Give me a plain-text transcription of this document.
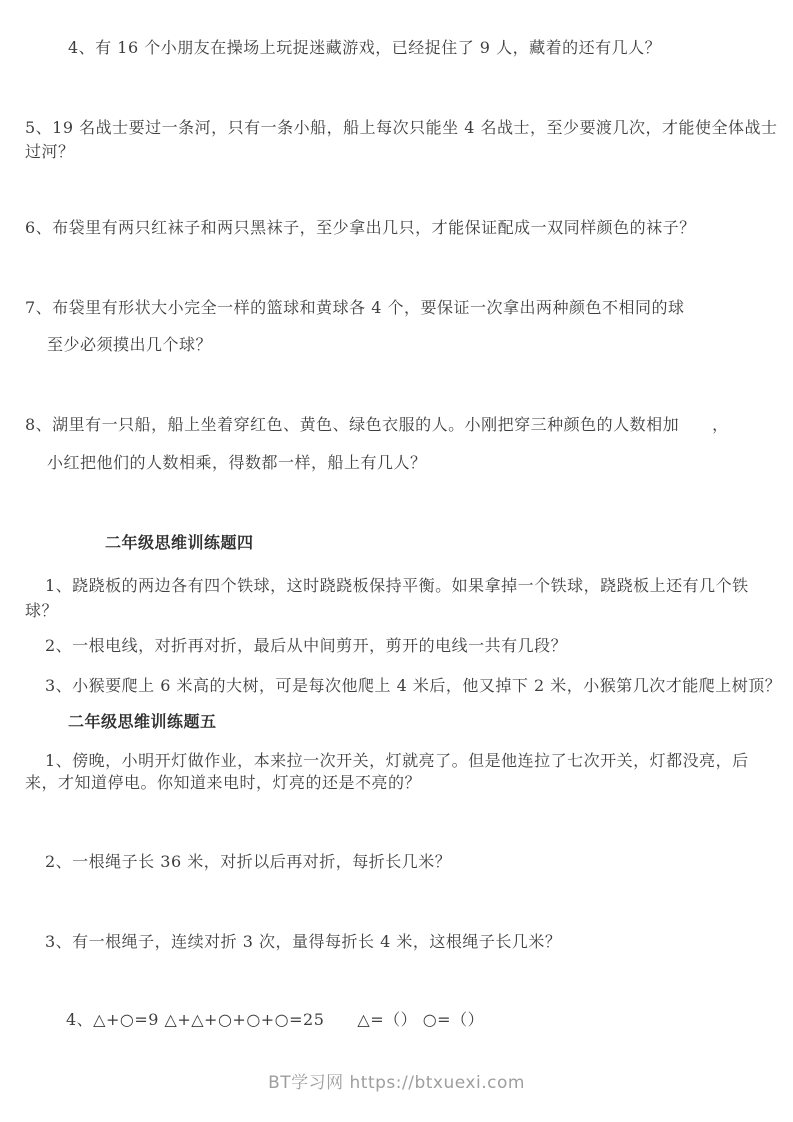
4、有 16 个小朋友在操场上玩捉迷藏游戏，已经捉住了 9 人，藏着的还有几人？

5、19 名战士要过一条河，只有一条小船，船上每次只能坐 4 名战士，至少要渡几次，才能使全体战士

过河？

6、布袋里有两只红袜子和两只黑袜子，至少拿出几只，才能保证配成一双同样颜色的袜子？

7、布袋里有形状大小完全一样的篮球和黄球各 4 个，要保证一次拿出两种颜色不相同的球

至少必须摸出几个球？

8、湖里有一只船，船上坐着穿红色、黄色、绿色衣服的人。小刚把穿三种颜色的人数相加　　，

小红把他们的人数相乘，得数都一样，船上有几人？

二年级思维训练题四

1、跷跷板的两边各有四个铁球，这时跷跷板保持平衡。如果拿掉一个铁球，跷跷板上还有几个铁

球？

2、一根电线，对折再对折，最后从中间剪开，剪开的电线一共有几段？

3、小猴要爬上 6 米高的大树，可是每次他爬上 4 米后，他又掉下 2 米，小猴第几次才能爬上树顶？

二年级思维训练题五

1、傍晚，小明开灯做作业，本来拉一次开关，灯就亮了。但是他连拉了七次开关，灯都没亮，后

来，才知道停电。你知道来电时，灯亮的还是不亮的？

2、一根绳子长 36 米，对折以后再对折，每折长几米？

3、有一根绳子，连续对折 3 次，量得每折长 4 米，这根绳子长几米？

4、△+○=9 △+△+○+○+○=25　　△=（） ○=（）

BT学习网 https://btxuexi.com
